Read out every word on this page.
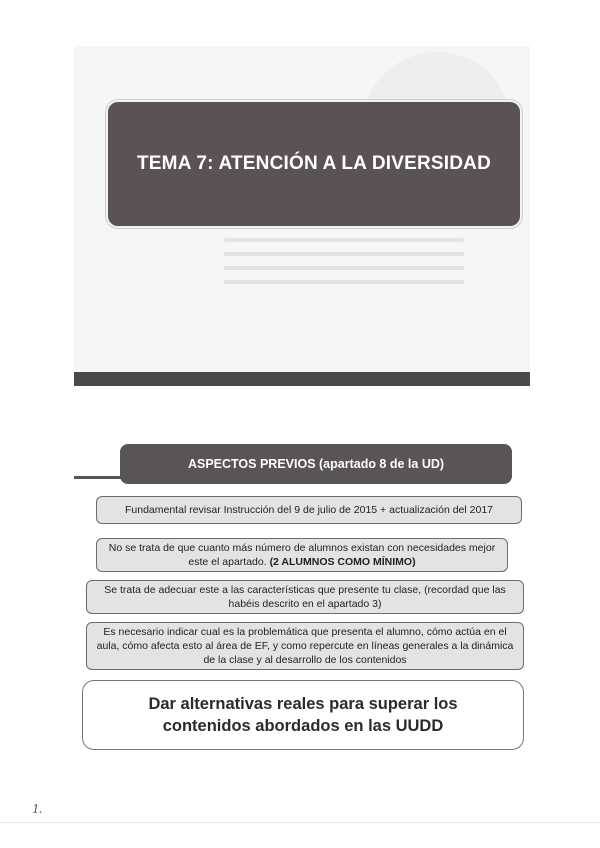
TEMA 7: ATENCIÓN A LA DIVERSIDAD
ASPECTOS PREVIOS (apartado 8 de la UD)
Fundamental revisar Instrucción del 9 de julio de 2015 + actualización del 2017
No se trata de que cuanto más número de alumnos existan con necesidades mejor este el apartado. (2 ALUMNOS COMO MÍNIMO)
Se trata de adecuar este a las características que presente tu clase, (recordad que las habéis descrito en el apartado 3)
Es necesario indicar cual es la problemática que presenta el alumno, cómo actúa en el aula, cómo afecta esto al área de EF, y como repercute en líneas generales a la dinámica de la clase y al desarrollo de los contenidos
Dar alternativas reales para superar los contenidos abordados en las UUDD
1.
